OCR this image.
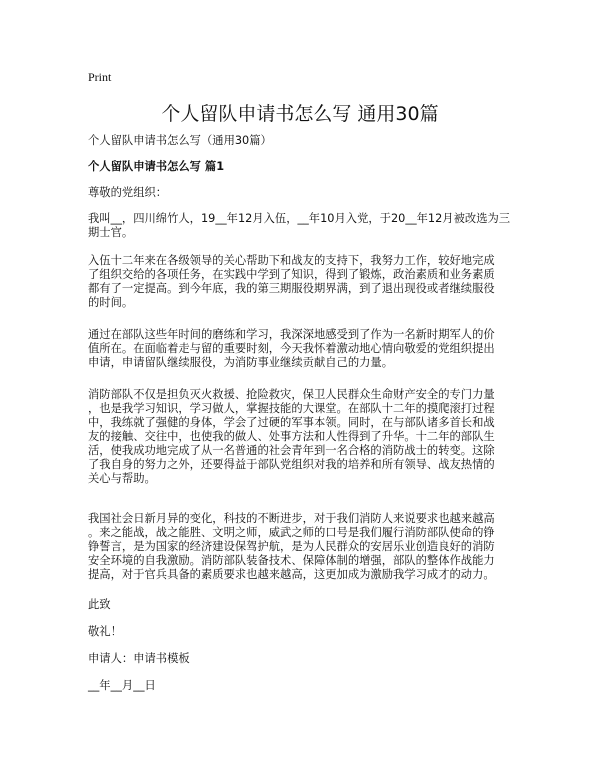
Print
个人留队申请书怎么写 通用30篇
个人留队申请书怎么写（通用30篇）
个人留队申请书怎么写 篇1
尊敬的党组织：
我叫__，四川绵竹人，19__年12月入伍，__年10月入党，于20__年12月被改选为三
期士官。
入伍十二年来在各级领导的关心帮助下和战友的支持下，我努力工作，较好地完成
了组织交给的各项任务，在实践中学到了知识，得到了锻炼，政治素质和业务素质
都有了一定提高。到今年底，我的第三期服役期界满，到了退出现役或者继续服役
的时间。
通过在部队这些年时间的磨练和学习，我深深地感受到了作为一名新时期军人的价
值所在。在面临着走与留的重要时刻，今天我怀着激动地心情向敬爱的党组织提出
申请，申请留队继续服役，为消防事业继续贡献自己的力量。
消防部队不仅是担负灭火救援、抢险救灾，保卫人民群众生命财产安全的专门力量
，也是我学习知识，学习做人，掌握技能的大课堂。在部队十二年的摸爬滚打过程
中，我练就了强健的身体，学会了过硬的军事本领。同时，在与部队诸多首长和战
友的接触、交往中，也使我的做人、处事方法和人性得到了升华。十二年的部队生
活，使我成功地完成了从一名普通的社会青年到一名合格的消防战士的转变。这除
了我自身的努力之外，还要得益于部队党组织对我的培养和所有领导、战友热情的
关心与帮助。
我国社会日新月异的变化，科技的不断进步，对于我们消防人来说要求也越来越高
。来之能战，战之能胜、文明之师，威武之师的口号是我们履行消防部队使命的铮
铮誓言，是为国家的经济建设保驾护航，是为人民群众的安居乐业创造良好的消防
安全环境的自我激励。消防部队装备技术、保障体制的增强，部队的整体作战能力
提高，对于官兵具备的素质要求也越来越高，这更加成为激励我学习成才的动力。
此致
敬礼！
申请人：申请书模板
__年__月__日
